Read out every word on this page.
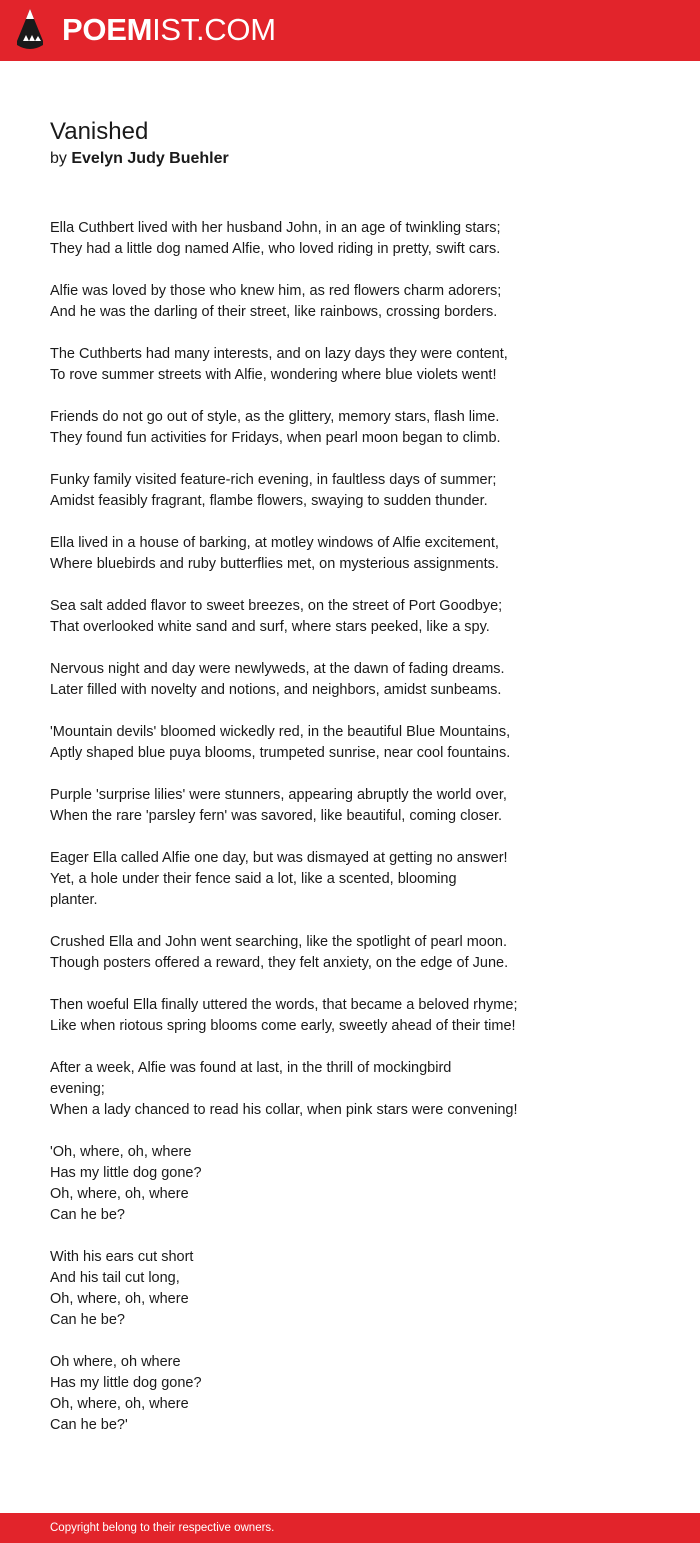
POEMIST.COM
Vanished
by Evelyn Judy Buehler
Ella Cuthbert lived with her husband John, in an age of twinkling stars;
They had a little dog named Alfie, who loved riding in pretty, swift cars.
Alfie was loved by those who knew him, as red flowers charm adorers;
And he was the darling of their street, like rainbows, crossing borders.
The Cuthberts had many interests, and on lazy days they were content,
To rove summer streets with Alfie, wondering where blue violets went!
Friends do not go out of style, as the glittery, memory stars, flash lime.
They found fun activities for Fridays, when pearl moon began to climb.
Funky family visited feature-rich evening, in faultless days of summer;
Amidst feasibly fragrant, flambe flowers, swaying to sudden thunder.
Ella lived in a house of barking, at motley windows of Alfie excitement,
Where bluebirds and ruby butterflies met, on mysterious assignments.
Sea salt added flavor to sweet breezes, on the street of Port Goodbye;
That overlooked white sand and surf, where stars peeked, like a spy.
Nervous night and day were newlyweds, at the dawn of fading dreams.
Later filled with novelty and notions, and neighbors, amidst sunbeams.
'Mountain devils' bloomed wickedly red, in the beautiful Blue Mountains,
Aptly shaped blue puya blooms, trumpeted sunrise, near cool fountains.
Purple 'surprise lilies' were stunners, appearing abruptly the world over,
When the rare 'parsley fern' was savored, like beautiful, coming closer.
Eager Ella called Alfie one day, but was dismayed at getting no answer!
Yet, a hole under their fence said a lot, like a scented, blooming
planter.
Crushed Ella and John went searching, like the spotlight of pearl moon.
Though posters offered a reward, they felt anxiety, on the edge of June.
Then woeful Ella finally uttered the words, that became a beloved rhyme;
Like when riotous spring blooms come early, sweetly ahead of their time!
After a week, Alfie was found at last, in the thrill of mockingbird
evening;
When a lady chanced to read his collar, when pink stars were convening!
'Oh, where, oh, where
Has my little dog gone?
Oh, where, oh, where
Can he be?
With his ears cut short
And his tail cut long,
Oh, where, oh, where
Can he be?
Oh where, oh where
Has my little dog gone?
Oh, where, oh, where
Can he be?'
Copyright belong to their respective owners.
